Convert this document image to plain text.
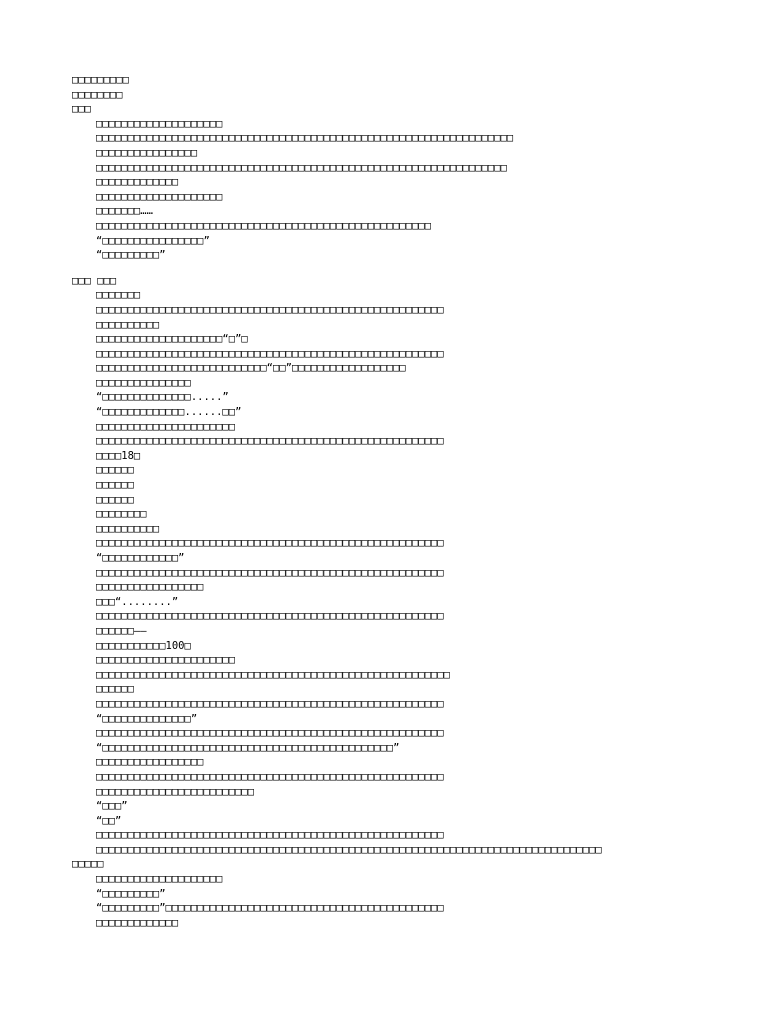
□□□□□□□□□
□□□□□□□□
□□□
□□□□□□□□□□□□□□□□□□□□
□□□□□□□□□□□□□□□□□□□□□□□□□□□□□□□□□□□□□□□□□□□□□□□□□□□□□□□□□□□□□□□□□□
□□□□□□□□□□□□□□□□
□□□□□□□□□□□□□□□□□□□□□□□□□□□□□□□□□□□□□□□□□□□□□□□□□□□□□□□□□□□□□□□□□
□□□□□□□□□□□□□
□□□□□□□□□□□□□□□□□□□□
□□□□□□□……
□□□□□□□□□□□□□□□□□□□□□□□□□□□□□□□□□□□□□□□□□□□□□□□□□□□□□
“□□□□□□□□□□□□□□□□”
“□□□□□□□□□”
□□□ □□□
□□□□□□□
□□□□□□□□□□□□□□□□□□□□□□□□□□□□□□□□□□□□□□□□□□□□□□□□□□□□□□□
□□□□□□□□□□
□□□□□□□□□□□□□□□□□□□□“□”□
□□□□□□□□□□□□□□□□□□□□□□□□□□□□□□□□□□□□□□□□□□□□□□□□□□□□□□□
□□□□□□□□□□□□□□□□□□□□□□□□□□□“□□”□□□□□□□□□□□□□□□□□□
□□□□□□□□□□□□□□□
“□□□□□□□□□□□□□□.....”
“□□□□□□□□□□□□□......□□”
□□□□□□□□□□□□□□□□□□□□□□
□□□□□□□□□□□□□□□□□□□□□□□□□□□□□□□□□□□□□□□□□□□□□□□□□□□□□□□
□□□□18□
□□□□□□
□□□□□□
□□□□□□
□□□□□□□□
□□□□□□□□□□
□□□□□□□□□□□□□□□□□□□□□□□□□□□□□□□□□□□□□□□□□□□□□□□□□□□□□□□
“□□□□□□□□□□□□”
□□□□□□□□□□□□□□□□□□□□□□□□□□□□□□□□□□□□□□□□□□□□□□□□□□□□□□□
□□□□□□□□□□□□□□□□□
□□□“........”
□□□□□□□□□□□□□□□□□□□□□□□□□□□□□□□□□□□□□□□□□□□□□□□□□□□□□□□
□□□□□□——
□□□□□□□□□□□100□
□□□□□□□□□□□□□□□□□□□□□□
□□□□□□□□□□□□□□□□□□□□□□□□□□□□□□□□□□□□□□□□□□□□□□□□□□□□□□□□
□□□□□□
□□□□□□□□□□□□□□□□□□□□□□□□□□□□□□□□□□□□□□□□□□□□□□□□□□□□□□□
“□□□□□□□□□□□□□□”
□□□□□□□□□□□□□□□□□□□□□□□□□□□□□□□□□□□□□□□□□□□□□□□□□□□□□□□
“□□□□□□□□□□□□□□□□□□□□□□□□□□□□□□□□□□□□□□□□□□□□□□”
□□□□□□□□□□□□□□□□□
□□□□□□□□□□□□□□□□□□□□□□□□□□□□□□□□□□□□□□□□□□□□□□□□□□□□□□□
□□□□□□□□□□□□□□□□□□□□□□□□□
“□□□”
“□□”
□□□□□□□□□□□□□□□□□□□□□□□□□□□□□□□□□□□□□□□□□□□□□□□□□□□□□□□
□□□□□□□□□□□□□□□□□□□□□□□□□□□□□□□□□□□□□□□□□□□□□□□□□□□□□□□□□□□□□□□□□□□□□□□□□□□□□□□□
□□□□□
□□□□□□□□□□□□□□□□□□□□
“□□□□□□□□□”
“□□□□□□□□□”□□□□□□□□□□□□□□□□□□□□□□□□□□□□□□□□□□□□□□□□□□□□
□□□□□□□□□□□□□
